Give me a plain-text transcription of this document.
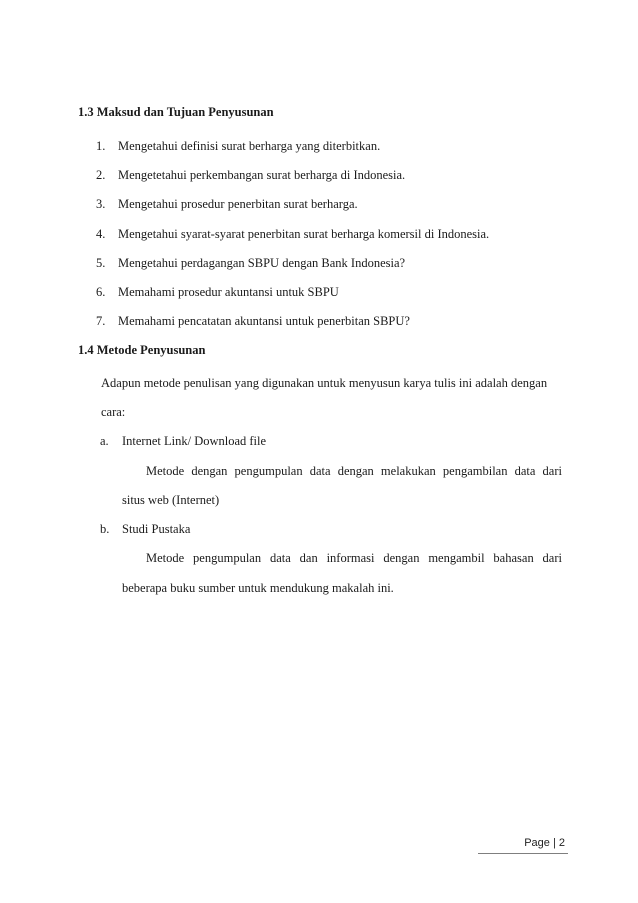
1.3 Maksud dan Tujuan Penyusunan
1. Mengetahui definisi surat berharga yang diterbitkan.
2. Mengetetahui perkembangan surat berharga di Indonesia.
3. Mengetahui prosedur penerbitan surat berharga.
4. Mengetahui syarat-syarat penerbitan surat berharga komersil di Indonesia.
5. Mengetahui perdagangan SBPU dengan Bank Indonesia?
6. Memahami prosedur akuntansi untuk SBPU
7. Memahami pencatatan akuntansi untuk penerbitan SBPU?
1.4 Metode Penyusunan
Adapun metode penulisan yang digunakan untuk menyusun karya tulis ini adalah dengan
cara:
a. Internet Link/ Download file
Metode dengan pengumpulan data dengan melakukan pengambilan data dari
situs web (Internet)
b. Studi Pustaka
Metode pengumpulan data dan informasi dengan mengambil bahasan dari
beberapa buku sumber untuk mendukung makalah ini.
Page | 2
